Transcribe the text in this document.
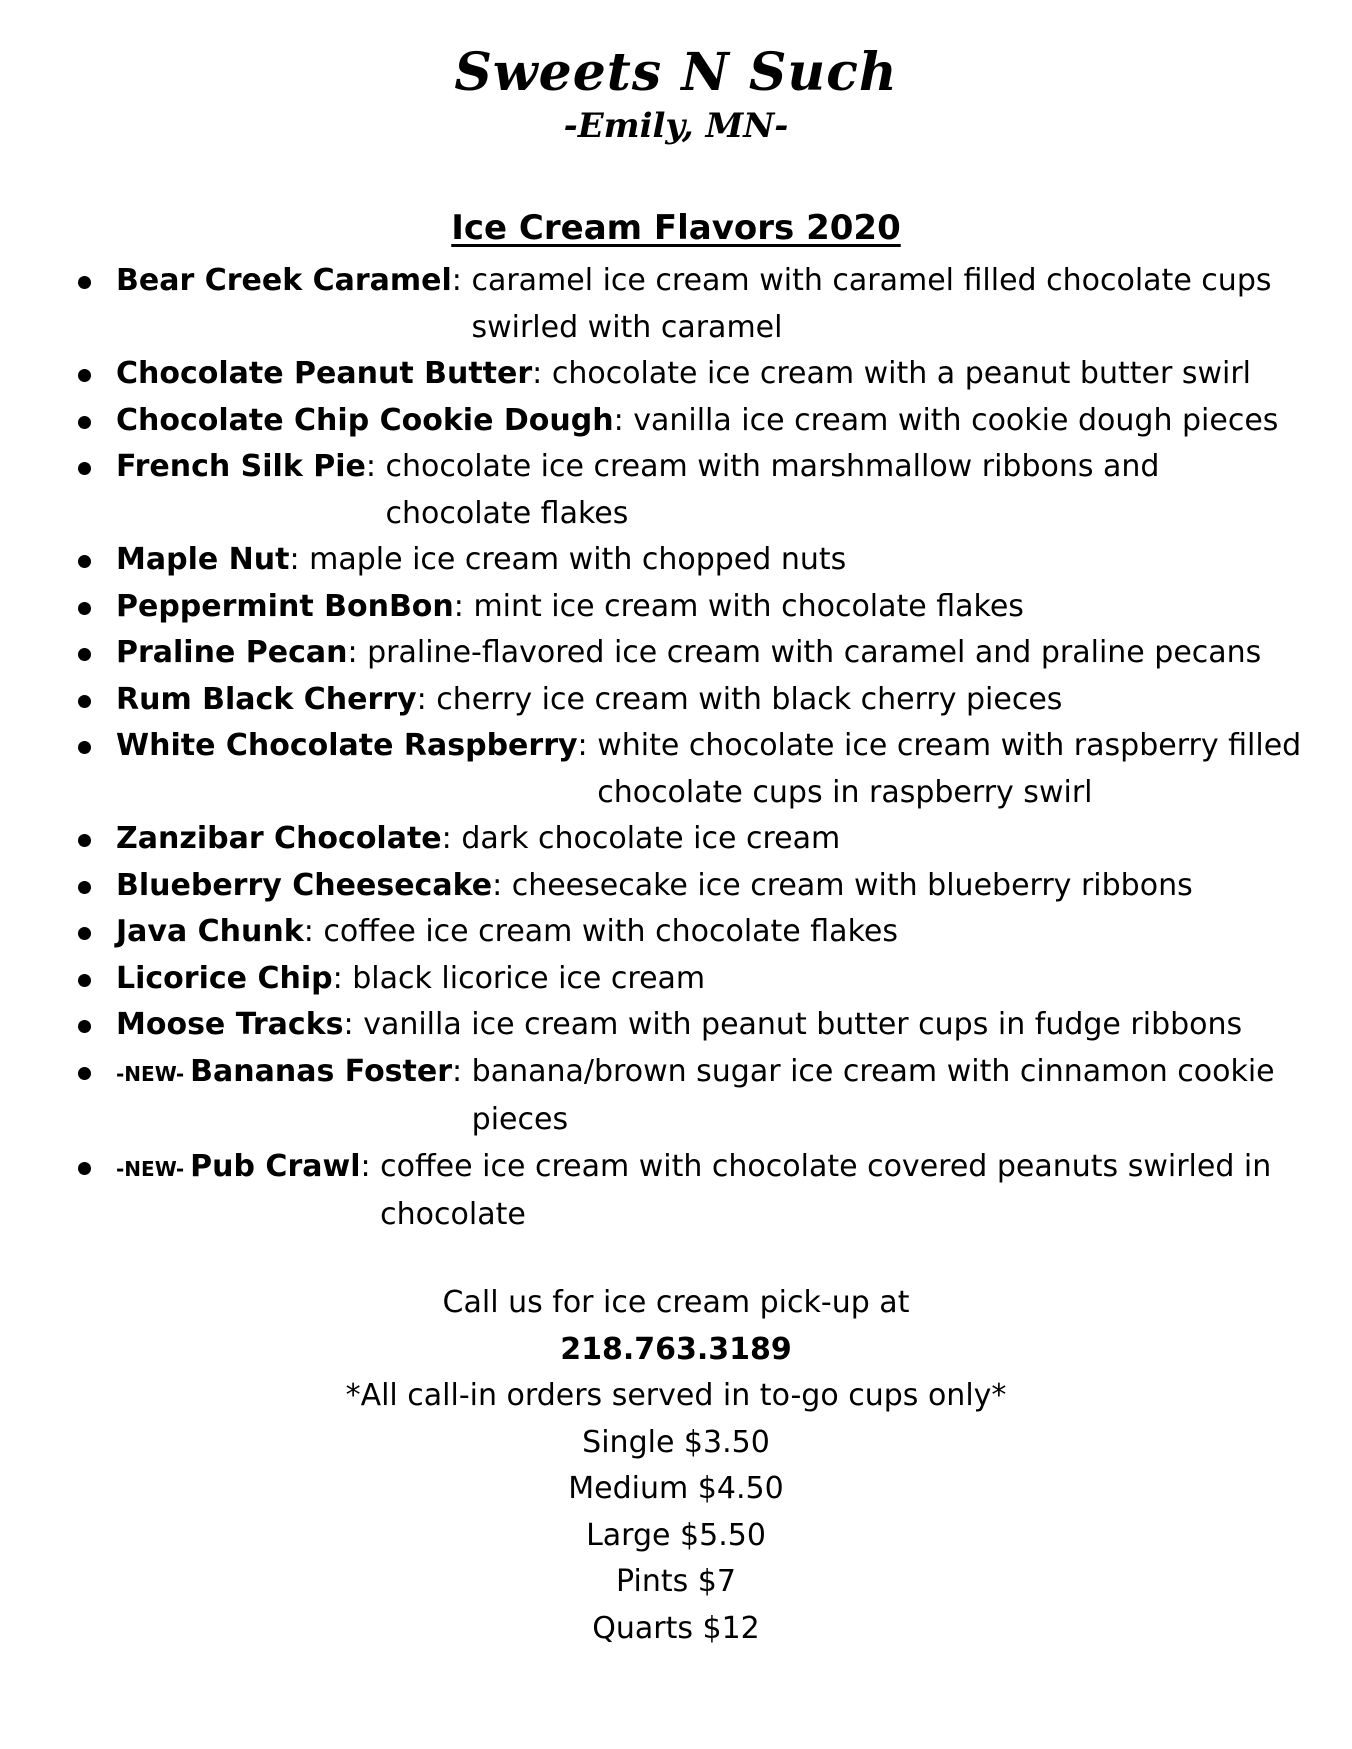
Sweets N Such
-Emily, MN-
Ice Cream Flavors 2020
Bear Creek Caramel: caramel ice cream with caramel filled chocolate cups
swirled with caramel
Chocolate Peanut Butter: chocolate ice cream with a peanut butter swirl
Chocolate Chip Cookie Dough: vanilla ice cream with cookie dough pieces
French Silk Pie: chocolate ice cream with marshmallow ribbons and
chocolate flakes
Maple Nut: maple ice cream with chopped nuts
Peppermint BonBon: mint ice cream with chocolate flakes
Praline Pecan: praline-flavored ice cream with caramel and praline pecans
Rum Black Cherry: cherry ice cream with black cherry pieces
White Chocolate Raspberry: white chocolate ice cream with raspberry filled
chocolate cups in raspberry swirl
Zanzibar Chocolate: dark chocolate ice cream
Blueberry Cheesecake: cheesecake ice cream with blueberry ribbons
Java Chunk: coffee ice cream with chocolate flakes
Licorice Chip: black licorice ice cream
Moose Tracks: vanilla ice cream with peanut butter cups in fudge ribbons
-NEW- Bananas Foster: banana/brown sugar ice cream with cinnamon cookie
pieces
-NEW- Pub Crawl: coffee ice cream with chocolate covered peanuts swirled in
chocolate
Call us for ice cream pick-up at
218.763.3189
*All call-in orders served in to-go cups only*
Single $3.50
Medium $4.50
Large $5.50
Pints $7
Quarts $12
